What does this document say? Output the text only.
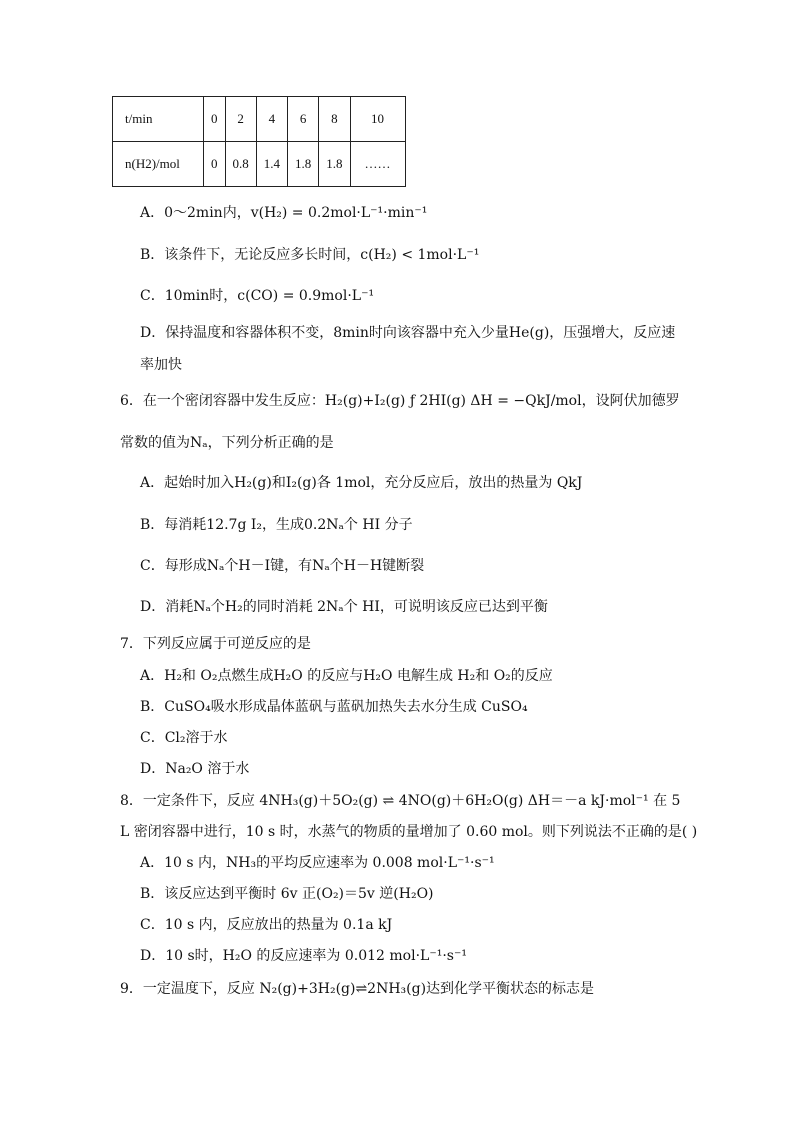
t/min	0	2	4	6	8	10
n(H2)/mol	0	0.8	1.4	1.8	1.8	……
A．0～2min内，v(H₂) = 0.2mol·L⁻¹·min⁻¹
B．该条件下，无论反应多长时间，c(H₂) < 1mol·L⁻¹
C．10min时，c(CO) = 0.9mol·L⁻¹
D．保持温度和容器体积不变，8min时向该容器中充入少量He(g)，压强增大，反应速
率加快
6．在一个密闭容器中发生反应：H₂(g)+I₂(g) ƒ 2HI(g) ΔH = −QkJ/mol，设阿伏加德罗
常数的值为Nₐ，下列分析正确的是
A．起始时加入H₂(g)和I₂(g)各 1mol，充分反应后，放出的热量为 QkJ
B．每消耗12.7g I₂，生成0.2Nₐ个 HI 分子
C．每形成Nₐ个H－I键，有Nₐ个H－H键断裂
D．消耗Nₐ个H₂的同时消耗 2Nₐ个 HI，可说明该反应已达到平衡
7．下列反应属于可逆反应的是
A．H₂和 O₂点燃生成H₂O 的反应与H₂O 电解生成 H₂和 O₂的反应
B．CuSO₄吸水形成晶体蓝矾与蓝矾加热失去水分生成 CuSO₄
C．Cl₂溶于水
D．Na₂O 溶于水
8．一定条件下，反应 4NH₃(g)＋5O₂(g) ⇌ 4NO(g)＋6H₂O(g) ΔH＝－a kJ·mol⁻¹ 在 5
L 密闭容器中进行，10 s 时，水蒸气的物质的量增加了 0.60 mol。则下列说法不正确的是( )
A．10 s 内，NH₃的平均反应速率为 0.008 mol·L⁻¹·s⁻¹
B．该反应达到平衡时 6v 正(O₂)＝5v 逆(H₂O)
C．10 s 内，反应放出的热量为 0.1a kJ
D．10 s时，H₂O 的反应速率为 0.012 mol·L⁻¹·s⁻¹
9．一定温度下，反应 N₂(g)+3H₂(g)⇌2NH₃(g)达到化学平衡状态的标志是
